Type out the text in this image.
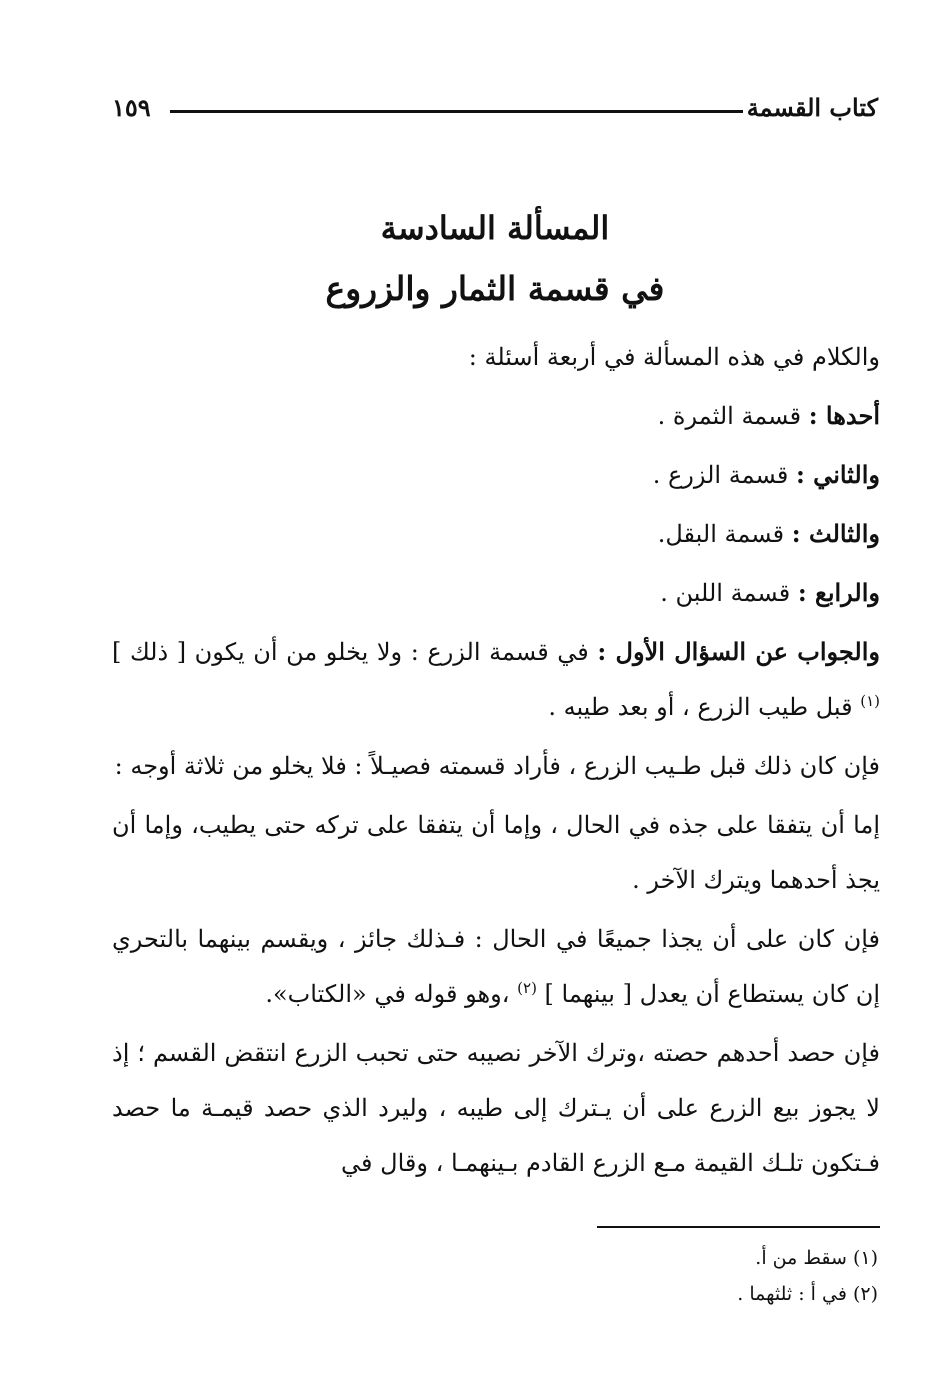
كتاب القسمة
١٥٩
المسألة السادسة
في قسمة الثمار والزروع

والكلام في هذه المسألة في أربعة أسئلة :

أحدها : قسمة الثمرة .

والثاني : قسمة الزرع .

والثالث : قسمة البقل.

والرابع : قسمة اللبن .

والجواب عن السؤال الأول : في قسمة الزرع : ولا يخلو من أن يكون [ ذلك ] $^{(١)}$ قبل طيب الزرع ، أو بعد طيبه .

فإن كان ذلك قبل طـيب الزرع ، فأراد قسمته فصيـلاً : فلا يخلو من ثلاثة أوجه :

إما أن يتفقا على جذه في الحال ، وإما أن يتفقا على تركه حتى يطيب، وإما أن يجذ أحدهما ويترك الآخر .

فإن كان على أن يجذا جميعًا في الحال : فـذلك جائز ، ويقسم بينهما بالتحري إن كان يستطاع أن يعدل [ بينهما ] $^{(٢)}$ ،وهو قوله في «الكتاب».

فإن حصد أحدهم حصته ،وترك الآخر نصيبه حتى تحبب الزرع انتقض القسم ؛ إذ لا يجوز بيع الزرع على أن يـترك إلى طيبه ، وليرد الذي حصد قيمـة ما حصد فـتكون تلـك القيمة مـع الزرع القادم بـينهمـا ، وقال في

(١) سقط من أ.

(٢) في أ : ثلثهما .
